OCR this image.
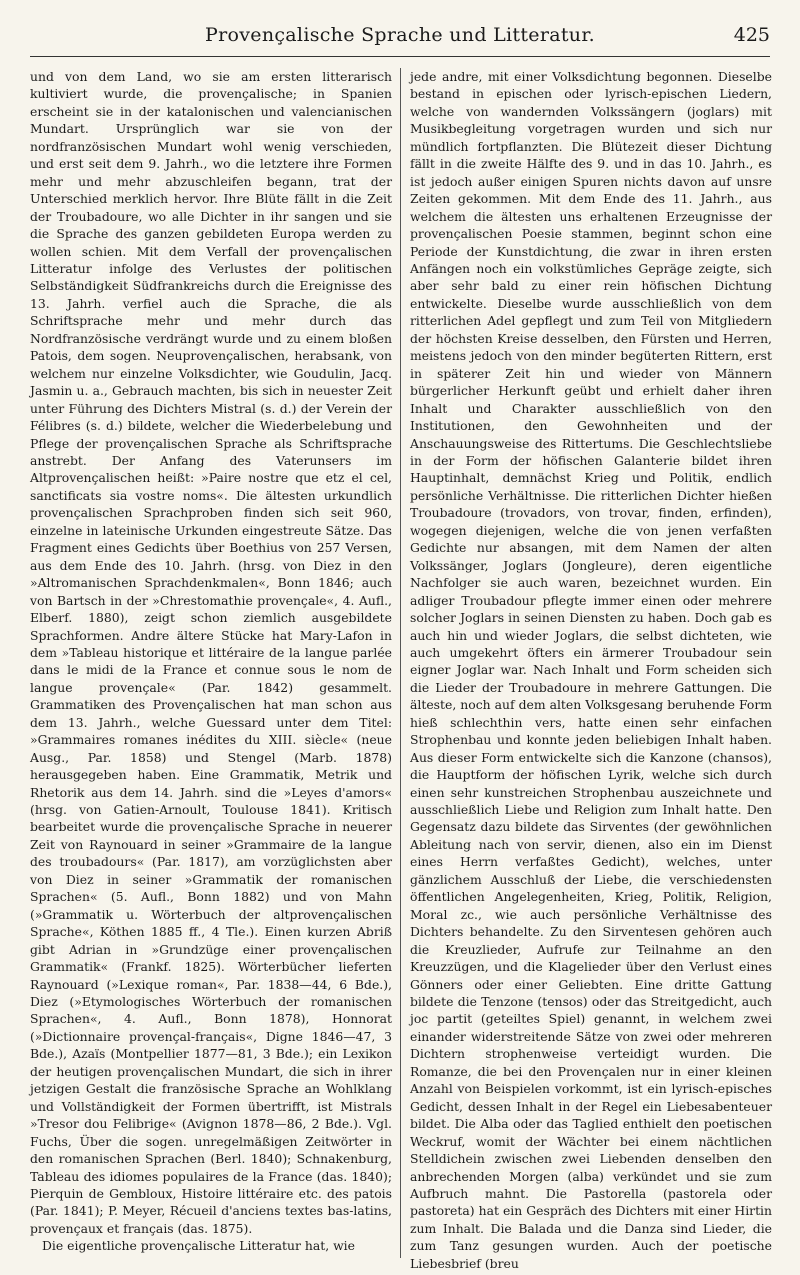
Provençalische Sprache und Litteratur.	425

und von dem Land, wo sie am ersten litterarisch kultiviert wurde, die provençalische; in Spanien erscheint sie in der katalonischen und valencianischen Mundart. Ursprünglich war sie von der nordfranzösischen Mundart wohl wenig verschieden, und erst seit dem 9. Jahrh., wo die letztere ihre Formen mehr und mehr abzuschleifen begann, trat der Unterschied merklich hervor. Ihre Blüte fällt in die Zeit der Troubadoure, wo alle Dichter in ihr sangen und sie die Sprache des ganzen gebildeten Europa werden zu wollen schien. Mit dem Verfall der provençalischen Litteratur infolge des Verlustes der politischen Selbständigkeit Südfrankreichs durch die Ereignisse des 13. Jahrh. verfiel auch die Sprache, die als Schriftsprache mehr und mehr durch das Nordfranzösische verdrängt wurde und zu einem bloßen Patois, dem sogen. Neuprovençalischen, herabsank, von welchem nur einzelne Volksdichter, wie Goudulin, Jacq. Jasmin u. a., Gebrauch machten, bis sich in neuester Zeit unter Führung des Dichters Mistral (s. d.) der Verein der Félibres (s. d.) bildete, welcher die Wiederbelebung und Pflege der provençalischen Sprache als Schriftsprache anstrebt. Der Anfang des Vaterunsers im Altprovençalischen heißt: »Paire nostre que etz el cel, sanctificats sia vostre noms«. Die ältesten urkundlich provençalischen Sprachproben finden sich seit 960, einzelne in lateinische Urkunden eingestreute Sätze. Das Fragment eines Gedichts über Boethius von 257 Versen, aus dem Ende des 10. Jahrh. (hrsg. von Diez in den »Altromanischen Sprachdenkmalen«, Bonn 1846; auch von Bartsch in der »Chrestomathie provençale«, 4. Aufl., Elberf. 1880), zeigt schon ziemlich ausgebildete Sprachformen. Andre ältere Stücke hat Mary-Lafon in dem »Tableau historique et littéraire de la langue parlée dans le midi de la France et connue sous le nom de langue provençale« (Par. 1842) gesammelt. Grammatiken des Provençalischen hat man schon aus dem 13. Jahrh., welche Guessard unter dem Titel: »Grammaires romanes inédites du XIII. siècle« (neue Ausg., Par. 1858) und Stengel (Marb. 1878) herausgegeben haben. Eine Grammatik, Metrik und Rhetorik aus dem 14. Jahrh. sind die »Leyes d'amors« (hrsg. von Gatien-Arnoult, Toulouse 1841). Kritisch bearbeitet wurde die provençalische Sprache in neuerer Zeit von Raynouard in seiner »Grammaire de la langue des troubadours« (Par. 1817), am vorzüglichsten aber von Diez in seiner »Grammatik der romanischen Sprachen« (5. Aufl., Bonn 1882) und von Mahn (»Grammatik u. Wörterbuch der altprovençalischen Sprache«, Köthen 1885 ff., 4 Tle.). Einen kurzen Abriß gibt Adrian in »Grundzüge einer provençalischen Grammatik« (Frankf. 1825). Wörterbücher lieferten Raynouard (»Lexique roman«, Par. 1838—44, 6 Bde.), Diez (»Etymologisches Wörterbuch der romanischen Sprachen«, 4. Aufl., Bonn 1878), Honnorat (»Dictionnaire provençal-français«, Digne 1846—47, 3 Bde.), Azaïs (Montpellier 1877—81, 3 Bde.); ein Lexikon der heutigen provençalischen Mundart, die sich in ihrer jetzigen Gestalt die französische Sprache an Wohlklang und Vollständigkeit der Formen übertrifft, ist Mistrals »Tresor dou Felibrige« (Avignon 1878—86, 2 Bde.). Vgl. Fuchs, Über die sogen. unregelmäßigen Zeitwörter in den romanischen Sprachen (Berl. 1840); Schnakenburg, Tableau des idiomes populaires de la France (das. 1840); Pierquin de Gembloux, Histoire littéraire etc. des patois (Par. 1841); P. Meyer, Récueil d'anciens textes bas-latins, provençaux et français (das. 1875).

Die eigentliche provençalische Litteratur hat, wie

jede andre, mit einer Volksdichtung begonnen. Dieselbe bestand in epischen oder lyrisch-epischen Liedern, welche von wandernden Volkssängern (joglars) mit Musikbegleitung vorgetragen wurden und sich nur mündlich fortpflanzten. Die Blütezeit dieser Dichtung fällt in die zweite Hälfte des 9. und in das 10. Jahrh., es ist jedoch außer einigen Spuren nichts davon auf unsre Zeiten gekommen. Mit dem Ende des 11. Jahrh., aus welchem die ältesten uns erhaltenen Erzeugnisse der provençalischen Poesie stammen, beginnt schon eine Periode der Kunstdichtung, die zwar in ihren ersten Anfängen noch ein volkstümliches Gepräge zeigte, sich aber sehr bald zu einer rein höfischen Dichtung entwickelte. Dieselbe wurde ausschließlich von dem ritterlichen Adel gepflegt und zum Teil von Mitgliedern der höchsten Kreise desselben, den Fürsten und Herren, meistens jedoch von den minder begüterten Rittern, erst in späterer Zeit hin und wieder von Männern bürgerlicher Herkunft geübt und erhielt daher ihren Inhalt und Charakter ausschließlich von den Institutionen, den Gewohnheiten und der Anschauungsweise des Rittertums. Die Geschlechtsliebe in der Form der höfischen Galanterie bildet ihren Hauptinhalt, demnächst Krieg und Politik, endlich persönliche Verhältnisse. Die ritterlichen Dichter hießen Troubadoure (trovadors, von trovar, finden, erfinden), wogegen diejenigen, welche die von jenen verfaßten Gedichte nur absangen, mit dem Namen der alten Volkssänger, Joglars (Jongleure), deren eigentliche Nachfolger sie auch waren, bezeichnet wurden. Ein adliger Troubadour pflegte immer einen oder mehrere solcher Joglars in seinen Diensten zu haben. Doch gab es auch hin und wieder Joglars, die selbst dichteten, wie auch umgekehrt öfters ein ärmerer Troubadour sein eigner Joglar war. Nach Inhalt und Form scheiden sich die Lieder der Troubadoure in mehrere Gattungen. Die älteste, noch auf dem alten Volksgesang beruhende Form hieß schlechthin vers, hatte einen sehr einfachen Strophenbau und konnte jeden beliebigen Inhalt haben. Aus dieser Form entwickelte sich die Kanzone (chansos), die Hauptform der höfischen Lyrik, welche sich durch einen sehr kunstreichen Strophenbau auszeichnete und ausschließlich Liebe und Religion zum Inhalt hatte. Den Gegensatz dazu bildete das Sirventes (der gewöhnlichen Ableitung nach von servir, dienen, also ein im Dienst eines Herrn verfaßtes Gedicht), welches, unter gänzlichem Ausschluß der Liebe, die verschiedensten öffentlichen Angelegenheiten, Krieg, Politik, Religion, Moral zc., wie auch persönliche Verhältnisse des Dichters behandelte. Zu den Sirventesen gehören auch die Kreuzlieder, Aufrufe zur Teilnahme an den Kreuzzügen, und die Klagelieder über den Verlust eines Gönners oder einer Geliebten. Eine dritte Gattung bildete die Tenzone (tensos) oder das Streitgedicht, auch joc partit (geteiltes Spiel) genannt, in welchem zwei einander widerstreitende Sätze von zwei oder mehreren Dichtern strophenweise verteidigt wurden. Die Romanze, die bei den Provençalen nur in einer kleinen Anzahl von Beispielen vorkommt, ist ein lyrisch-episches Gedicht, dessen Inhalt in der Regel ein Liebesabenteuer bildet. Die Alba oder das Taglied enthielt den poetischen Weckruf, womit der Wächter bei einem nächtlichen Stelldichein zwischen zwei Liebenden denselben den anbrechenden Morgen (alba) verkündet und sie zum Aufbruch mahnt. Die Pastorella (pastorela oder pastoreta) hat ein Gespräch des Dichters mit einer Hirtin zum Inhalt. Die Balada und die Danza sind Lieder, die zum Tanz gesungen wurden. Auch der poetische Liebesbrief (breu
